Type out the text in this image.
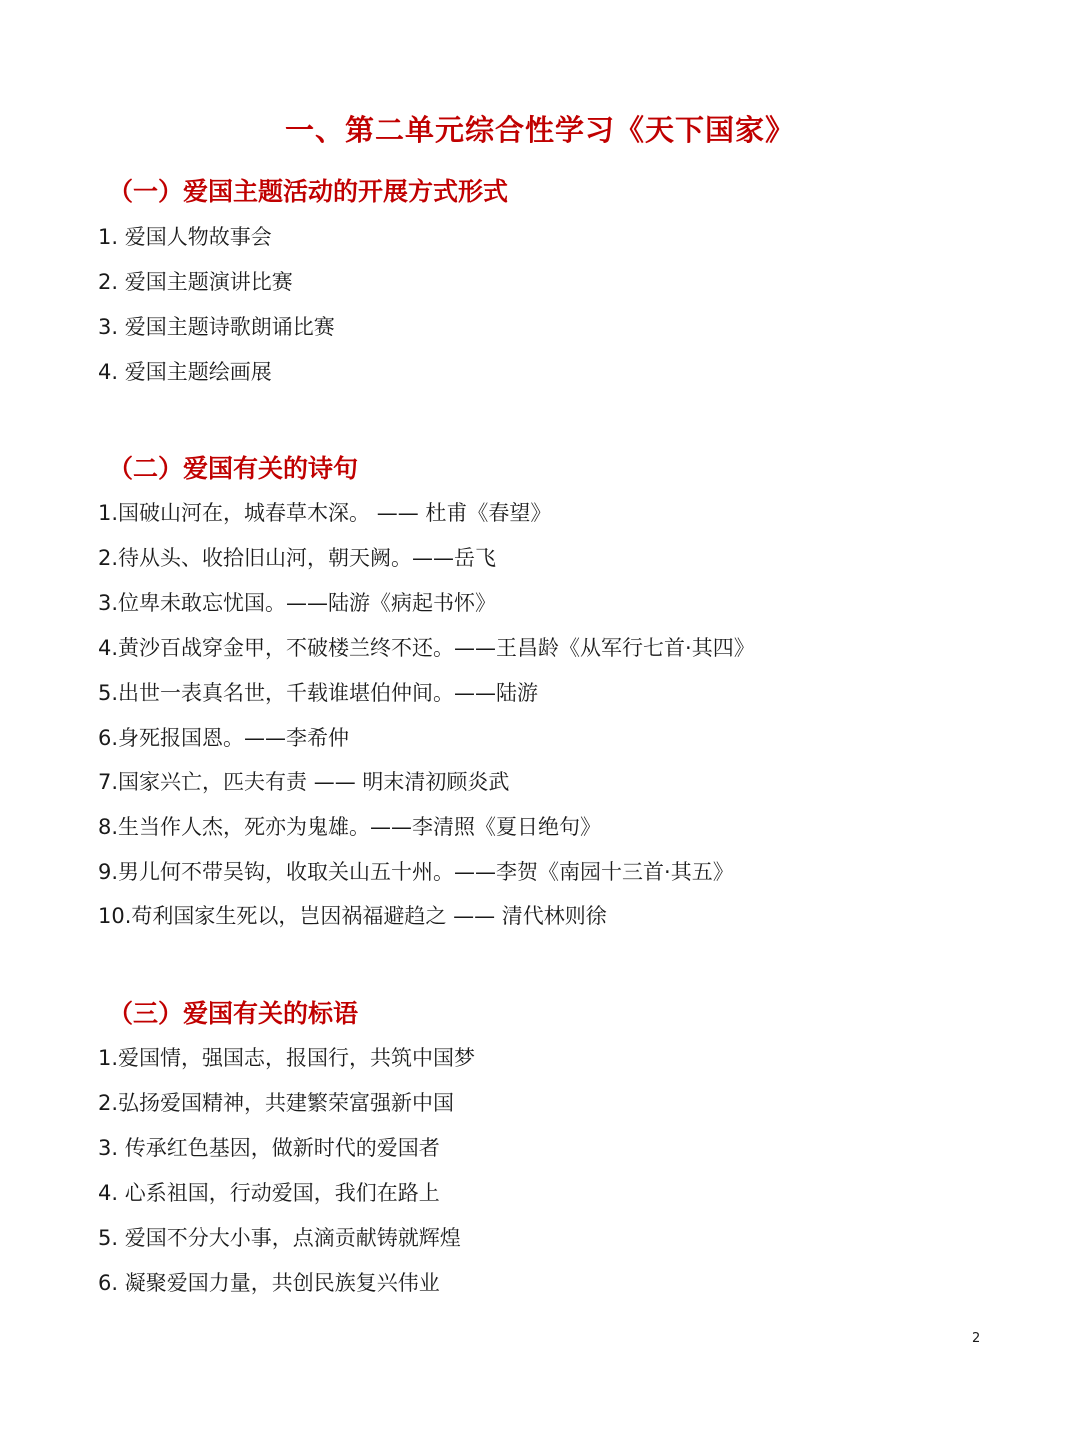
一、第二单元综合性学习《天下国家》
（一）爱国主题活动的开展方式形式
1. 爱国人物故事会
2. 爱国主题演讲比赛
3. 爱国主题诗歌朗诵比赛
4. 爱国主题绘画展
（二）爱国有关的诗句
1.国破山河在，城春草木深。 —— 杜甫《春望》
2.待从头、收拾旧山河，朝天阙。——岳飞
3.位卑未敢忘忧国。——陆游《病起书怀》
4.黄沙百战穿金甲，不破楼兰终不还。——王昌龄《从军行七首·其四》
5.出世一表真名世，千载谁堪伯仲间。——陆游
6.身死报国恩。——李希仲
7.国家兴亡，匹夫有责 —— 明末清初顾炎武
8.生当作人杰，死亦为鬼雄。——李清照《夏日绝句》
9.男儿何不带吴钩，收取关山五十州。——李贺《南园十三首·其五》
10.苟利国家生死以，岂因祸福避趋之 —— 清代林则徐
（三）爱国有关的标语
1.爱国情，强国志，报国行，共筑中国梦
2.弘扬爱国精神，共建繁荣富强新中国
3. 传承红色基因，做新时代的爱国者
4. 心系祖国，行动爱国，我们在路上
5. 爱国不分大小事，点滴贡献铸就辉煌
6. 凝聚爱国力量，共创民族复兴伟业
2
